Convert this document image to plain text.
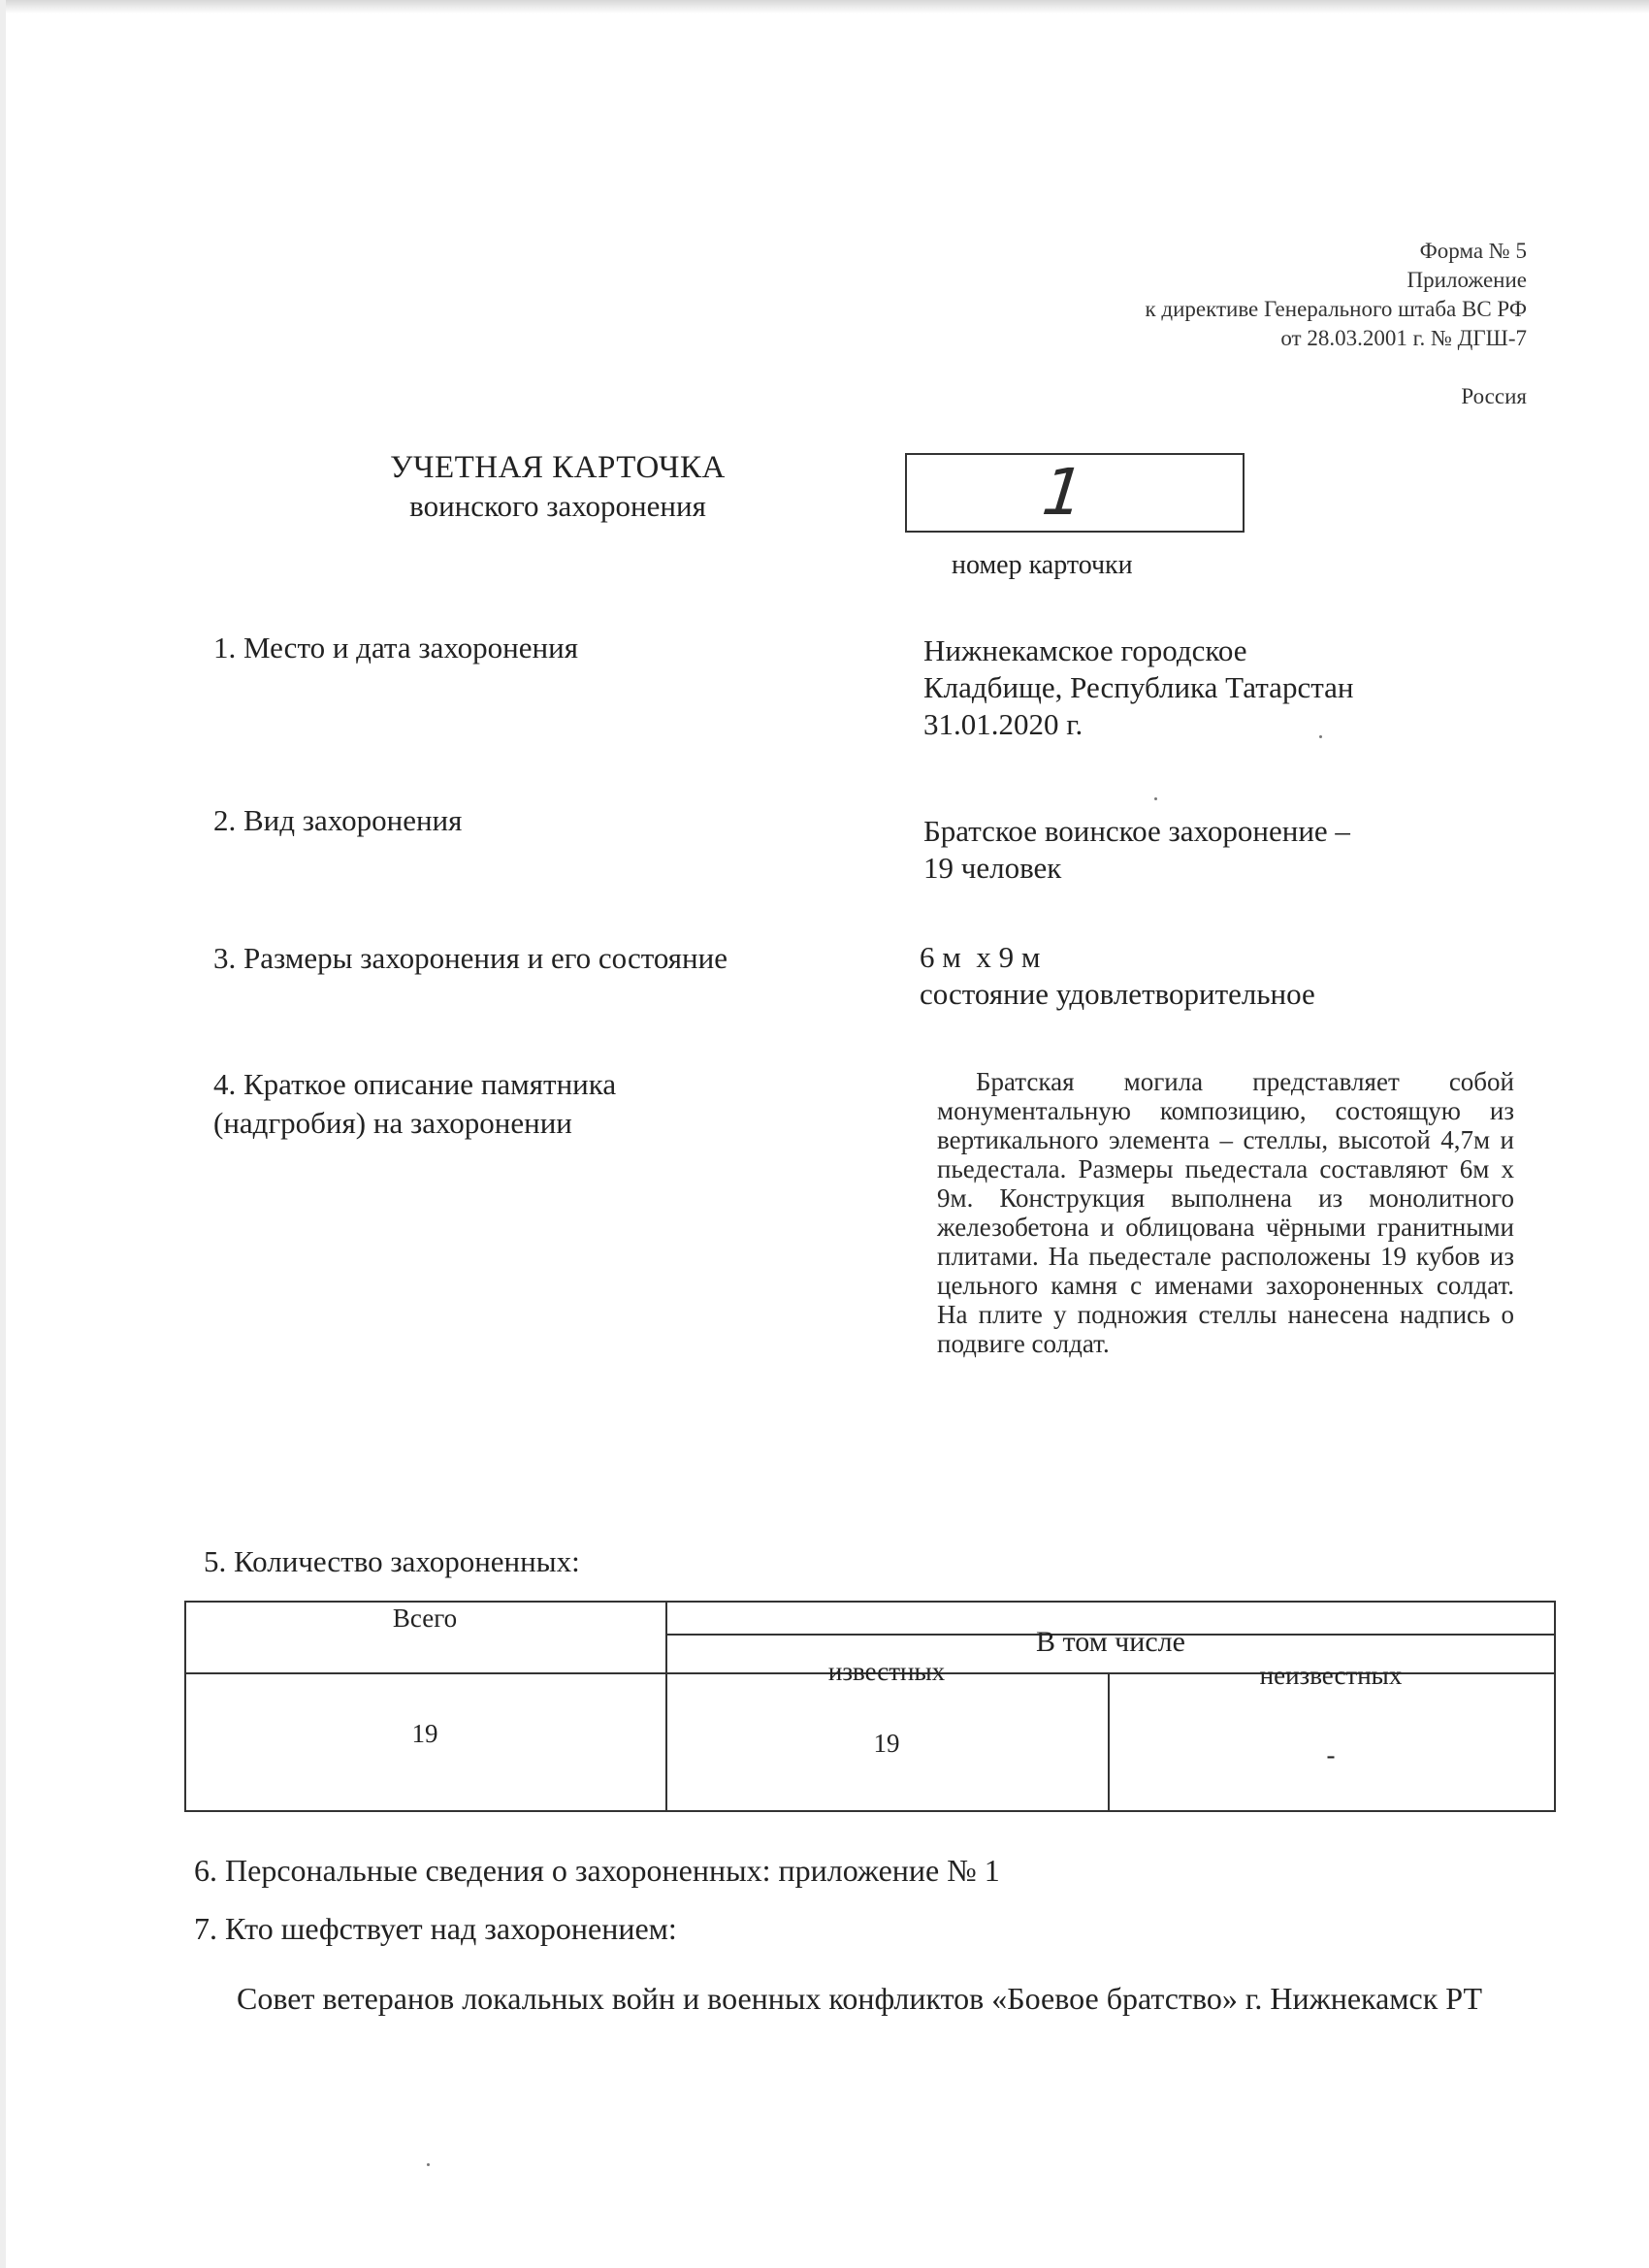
Форма № 5
Приложение
к директиве Генерального штаба ВС РФ
от 28.03.2001 г. № ДГШ-7
Россия
УЧЕТНАЯ КАРТОЧКА
воинского захоронения	1
номер карточки
1. Место и дата захоронения	Нижнекамское городское
Кладбище, Республика Татарстан
31.01.2020 г.
2. Вид захоронения	Братское воинское захоронение –
19 человек
3. Размеры захоронения и его состояние	6 м  х 9 м
состояние удовлетворительное
4. Краткое описание памятника
(надгробия) на захоронении
Братская могила представляет собой монументальную композицию, состоящую из вертикального элемента – стеллы, высотой 4,7м и пьедестала. Размеры пьедестала составляют 6м х 9м. Конструкция выполнена из монолитного железобетона и облицована чёрными гранитными плитами. На пьедестале расположены 19 кубов из цельного камня с именами захороненных солдат. На плите у подножия стеллы нанесена надпись о подвиге солдат.
5. Количество захороненных:
Всего
В том числе
известных	неизвестных
19	19	-
6. Персональные сведения о захороненных: приложение № 1
7. Кто шефствует над захоронением:
Совет ветеранов локальных войн и военных конфликтов «Боевое братство» г. Нижнекамск РТ
